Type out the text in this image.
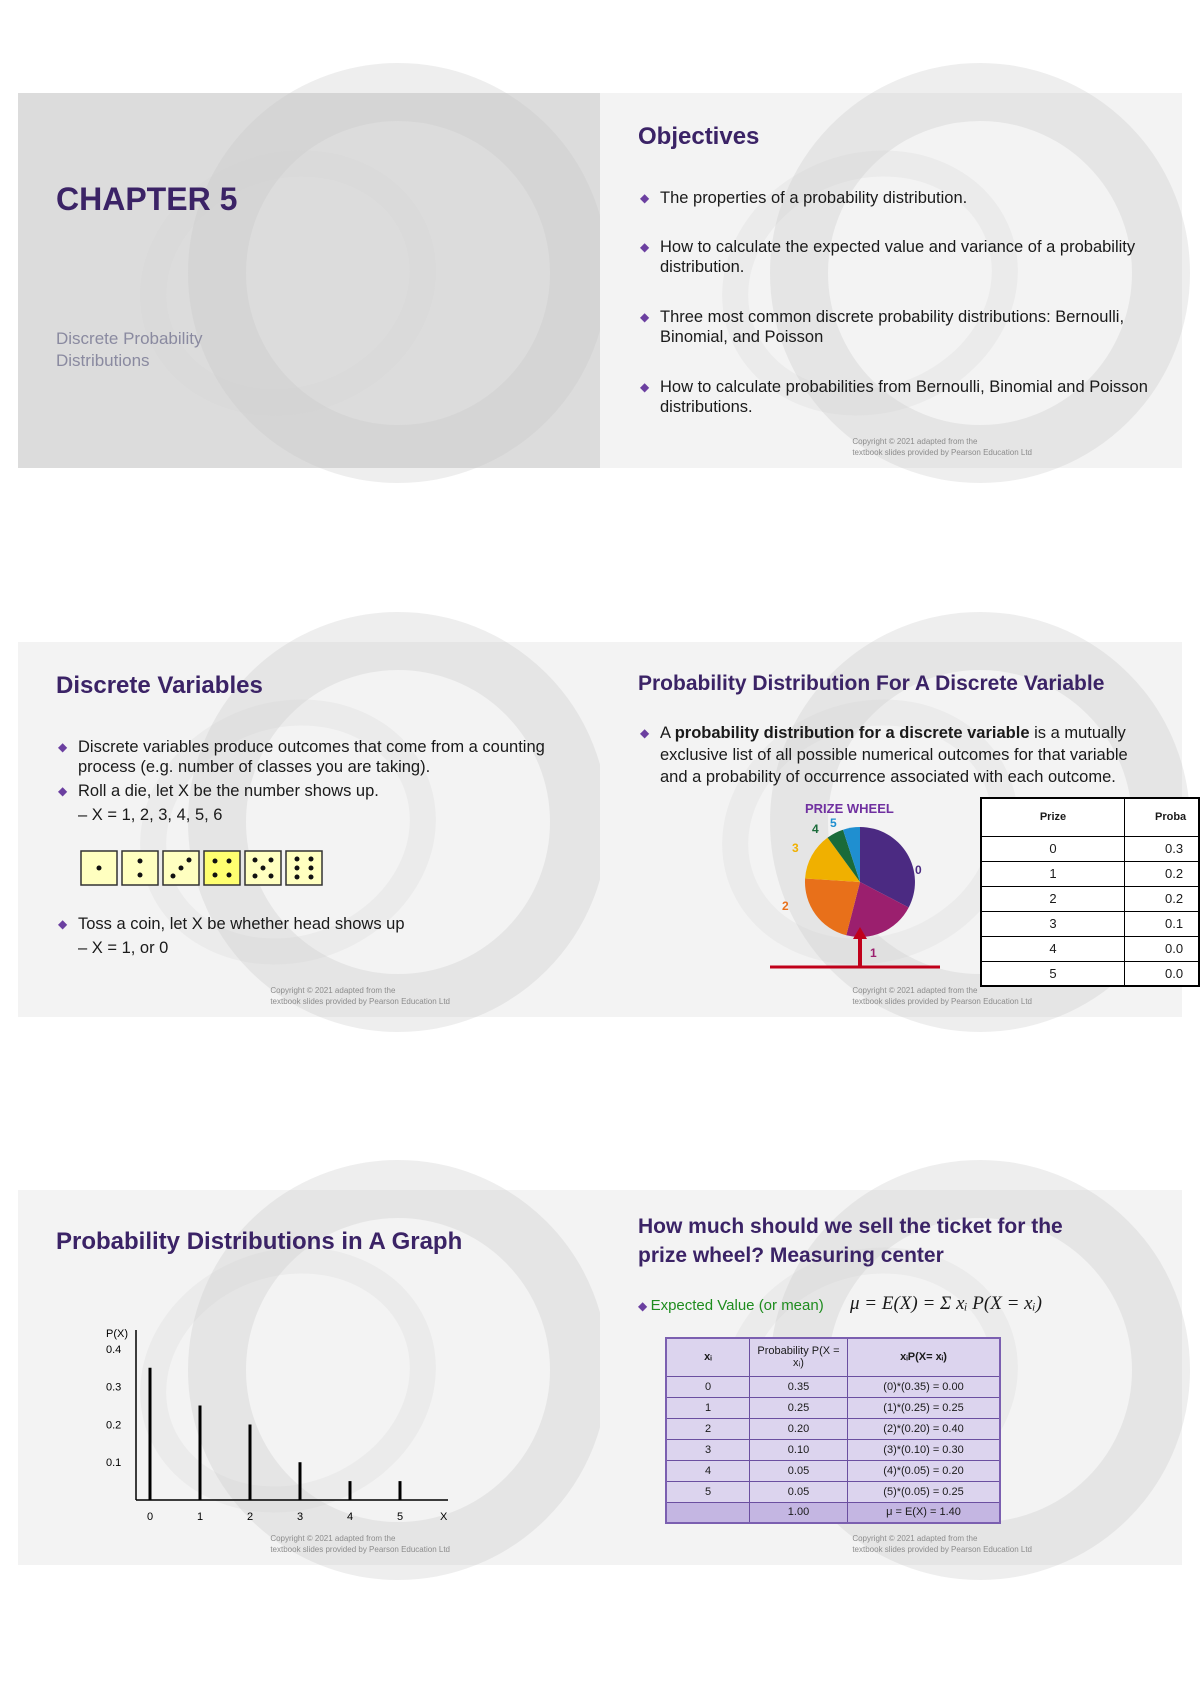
CHAPTER 5
Discrete Probability
Distributions
Objectives
◆ The properties of a probability distribution.
◆ How to calculate the expected value and variance of a probability distribution.
◆ Three most common discrete probability distributions: Bernoulli, Binomial, and Poisson
◆ How to calculate probabilities from Bernoulli, Binomial and Poisson distributions.
Copyright © 2021 adapted from the
textbook slides provided by Pearson Education Ltd
Discrete Variables
◆ Discrete variables produce outcomes that come from a counting process (e.g. number of classes you are taking).
◆ Roll a die, let X be the number shows up.
– X = 1, 2, 3, 4, 5, 6
◆ Toss a coin, let X be whether head shows up
– X = 1, or 0
Copyright © 2021 adapted from the
textbook slides provided by Pearson Education Ltd
Probability Distribution For A Discrete Variable
◆ A probability distribution for a discrete variable is a mutually exclusive list of all possible numerical outcomes for that variable and a probability of occurrence associated with each outcome.
PRIZE WHEEL
0
1
2
3
4 5	Prize	Proba
0	0.3
1	0.2
2	0.2
3	0.1
4	0.0
5	0.0
Copyright © 2021 adapted from the
textbook slides provided by Pearson Education Ltd
Probability Distributions in A Graph
P(X)
X
0.1
0.2
0.3
0.4
0	1	2	3	4	5
Copyright © 2021 adapted from the
textbook slides provided by Pearson Education Ltd
How much should we sell the ticket for the
prize wheel? Measuring center
◆ Expected Value (or mean) μ = E(X) = Σ xᵢ P(X = xᵢ)
xᵢ	Probability P(X = xᵢ)	xᵢP(X= xᵢ)
0	0.35	(0)*(0.35) = 0.00
1	0.25	(1)*(0.25) = 0.25
2	0.20	(2)*(0.20) = 0.40
3	0.10	(3)*(0.10) = 0.30
4	0.05	(4)*(0.05) = 0.20
5	0.05	(5)*(0.05) = 0.25
	1.00	μ = E(X) = 1.40
Copyright © 2021 adapted from the
textbook slides provided by Pearson Education Ltd
